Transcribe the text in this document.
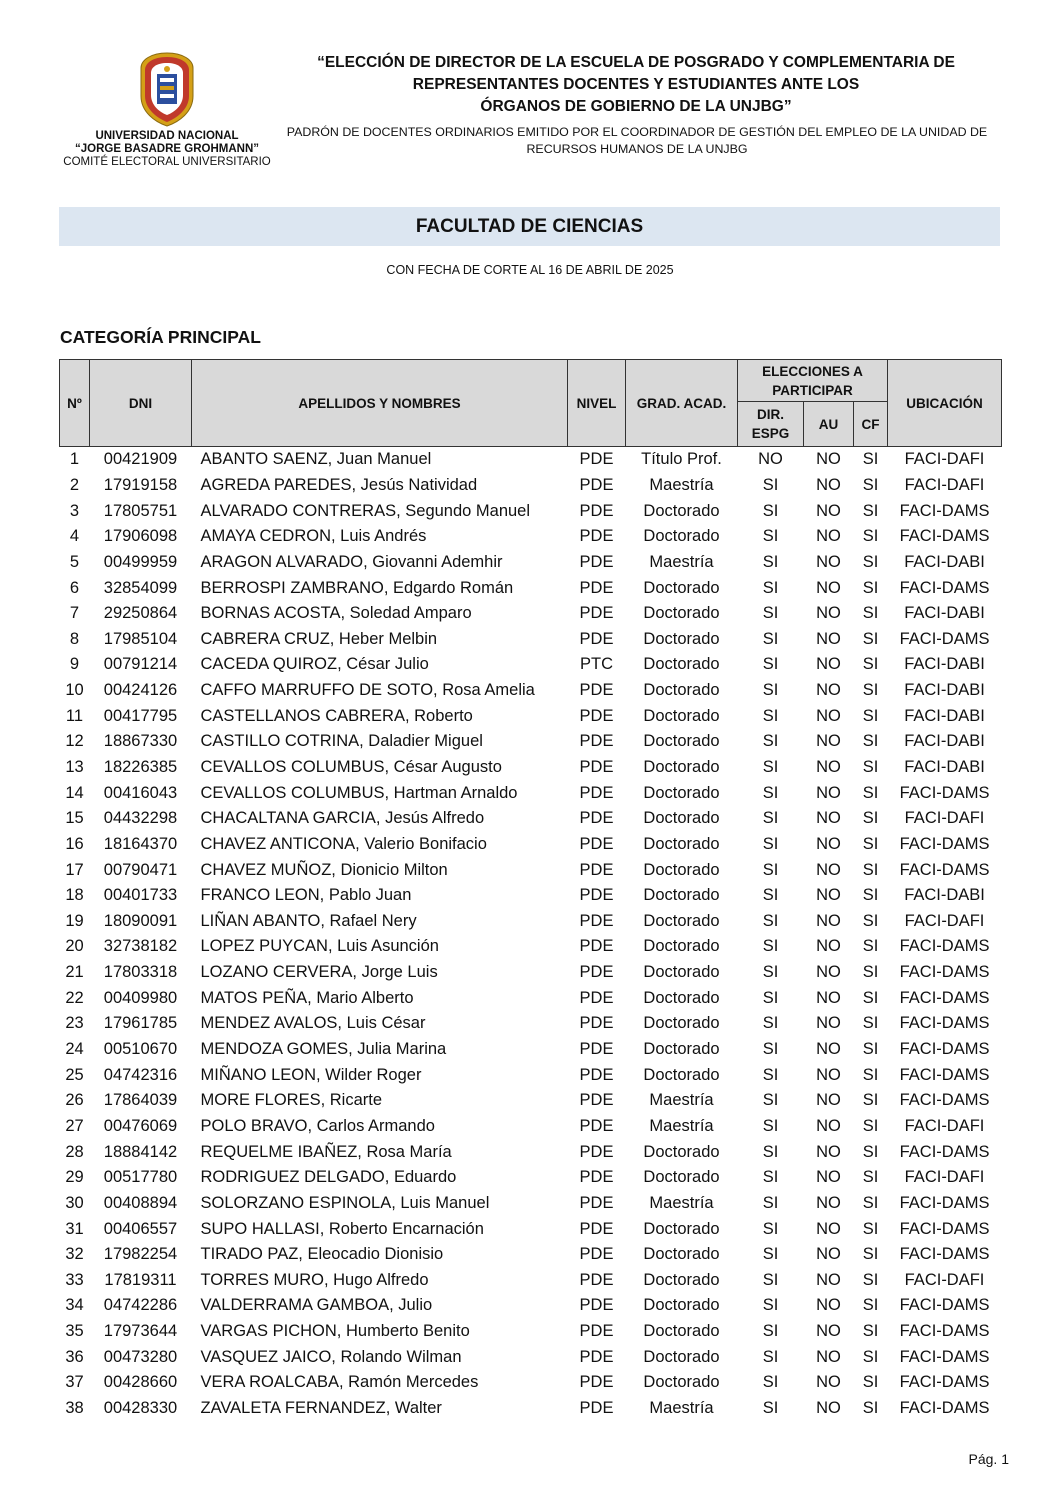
UNIVERSIDAD NACIONAL
“JORGE BASADRE GROHMANN”
COMITÉ ELECTORAL UNIVERSITARIO
“ELECCIÓN DE DIRECTOR DE LA ESCUELA DE POSGRADO Y COMPLEMENTARIA DE
REPRESENTANTES DOCENTES Y ESTUDIANTES ANTE LOS
ÓRGANOS DE GOBIERNO DE LA UNJBG”
PADRÓN DE DOCENTES ORDINARIOS EMITIDO POR EL COORDINADOR DE GESTIÓN DEL EMPLEO DE LA UNIDAD DE
RECURSOS HUMANOS DE LA UNJBG
FACULTAD DE CIENCIAS
CON FECHA DE CORTE AL 16 DE ABRIL DE 2025
CATEGORÍA PRINCIPAL
Nº	DNI	APELLIDOS Y NOMBRES	NIVEL	GRAD. ACAD.	ELECCIONES A PARTICIPAR			UBICACIÓN
					DIR. ESPG	AU	CF	
1	00421909	ABANTO SAENZ, Juan Manuel	PDE	Título Prof.	NO	NO	SI	FACI-DAFI
2	17919158	AGREDA PAREDES, Jesús Natividad	PDE	Maestría	SI	NO	SI	FACI-DAFI
3	17805751	ALVARADO CONTRERAS, Segundo Manuel	PDE	Doctorado	SI	NO	SI	FACI-DAMS
4	17906098	AMAYA CEDRON, Luis Andrés	PDE	Doctorado	SI	NO	SI	FACI-DAMS
5	00499959	ARAGON ALVARADO, Giovanni Ademhir	PDE	Maestría	SI	NO	SI	FACI-DABI
6	32854099	BERROSPI ZAMBRANO, Edgardo Román	PDE	Doctorado	SI	NO	SI	FACI-DAMS
7	29250864	BORNAS ACOSTA, Soledad Amparo	PDE	Doctorado	SI	NO	SI	FACI-DABI
8	17985104	CABRERA CRUZ, Heber Melbin	PDE	Doctorado	SI	NO	SI	FACI-DAMS
9	00791214	CACEDA QUIROZ, César Julio	PTC	Doctorado	SI	NO	SI	FACI-DABI
10	00424126	CAFFO MARRUFFO DE SOTO, Rosa Amelia	PDE	Doctorado	SI	NO	SI	FACI-DABI
11	00417795	CASTELLANOS CABRERA, Roberto	PDE	Doctorado	SI	NO	SI	FACI-DABI
12	18867330	CASTILLO COTRINA, Daladier Miguel	PDE	Doctorado	SI	NO	SI	FACI-DABI
13	18226385	CEVALLOS COLUMBUS, César Augusto	PDE	Doctorado	SI	NO	SI	FACI-DABI
14	00416043	CEVALLOS COLUMBUS, Hartman Arnaldo	PDE	Doctorado	SI	NO	SI	FACI-DAMS
15	04432298	CHACALTANA GARCIA, Jesús Alfredo	PDE	Doctorado	SI	NO	SI	FACI-DAFI
16	18164370	CHAVEZ ANTICONA, Valerio Bonifacio	PDE	Doctorado	SI	NO	SI	FACI-DAMS
17	00790471	CHAVEZ MUÑOZ, Dionicio Milton	PDE	Doctorado	SI	NO	SI	FACI-DAMS
18	00401733	FRANCO LEON, Pablo Juan	PDE	Doctorado	SI	NO	SI	FACI-DABI
19	18090091	LIÑAN ABANTO, Rafael Nery	PDE	Doctorado	SI	NO	SI	FACI-DAFI
20	32738182	LOPEZ PUYCAN, Luis Asunción	PDE	Doctorado	SI	NO	SI	FACI-DAMS
21	17803318	LOZANO CERVERA, Jorge Luis	PDE	Doctorado	SI	NO	SI	FACI-DAMS
22	00409980	MATOS PEÑA, Mario Alberto	PDE	Doctorado	SI	NO	SI	FACI-DAMS
23	17961785	MENDEZ AVALOS, Luis César	PDE	Doctorado	SI	NO	SI	FACI-DAMS
24	00510670	MENDOZA GOMES, Julia Marina	PDE	Doctorado	SI	NO	SI	FACI-DAMS
25	04742316	MIÑANO LEON, Wilder Roger	PDE	Doctorado	SI	NO	SI	FACI-DAMS
26	17864039	MORE FLORES, Ricarte	PDE	Maestría	SI	NO	SI	FACI-DAMS
27	00476069	POLO BRAVO, Carlos Armando	PDE	Maestría	SI	NO	SI	FACI-DAFI
28	18884142	REQUELME IBAÑEZ, Rosa María	PDE	Doctorado	SI	NO	SI	FACI-DAMS
29	00517780	RODRIGUEZ DELGADO, Eduardo	PDE	Doctorado	SI	NO	SI	FACI-DAFI
30	00408894	SOLORZANO ESPINOLA, Luis Manuel	PDE	Maestría	SI	NO	SI	FACI-DAMS
31	00406557	SUPO HALLASI, Roberto Encarnación	PDE	Doctorado	SI	NO	SI	FACI-DAMS
32	17982254	TIRADO PAZ, Eleocadio Dionisio	PDE	Doctorado	SI	NO	SI	FACI-DAMS
33	17819311	TORRES MURO, Hugo Alfredo	PDE	Doctorado	SI	NO	SI	FACI-DAFI
34	04742286	VALDERRAMA GAMBOA, Julio	PDE	Doctorado	SI	NO	SI	FACI-DAMS
35	17973644	VARGAS PICHON, Humberto Benito	PDE	Doctorado	SI	NO	SI	FACI-DAMS
36	00473280	VASQUEZ JAICO, Rolando Wilman	PDE	Doctorado	SI	NO	SI	FACI-DAMS
37	00428660	VERA ROALCABA, Ramón Mercedes	PDE	Doctorado	SI	NO	SI	FACI-DAMS
38	00428330	ZAVALETA FERNANDEZ, Walter	PDE	Maestría	SI	NO	SI	FACI-DAMS
Pág. 1
